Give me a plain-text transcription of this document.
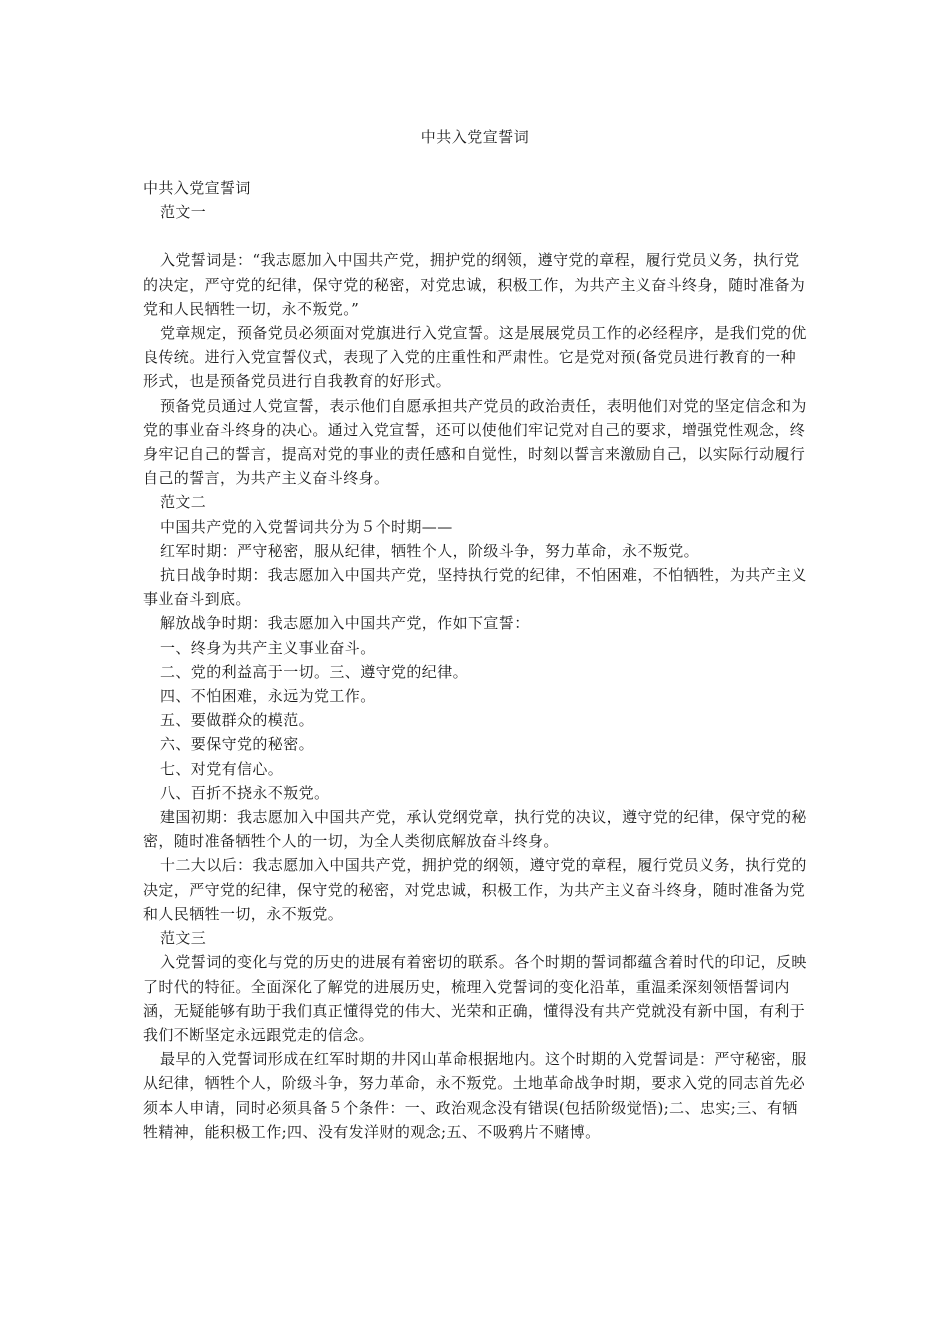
中共入党宣誓词

中共入党宣誓词

范文一

入党誓词是：“我志愿加入中国共产党，拥护党的纲领，遵守党的章程，履行党员义务，执行党的决定，严守党的纪律，保守党的秘密，对党忠诚，积极工作，为共产主义奋斗终身，随时准备为党和人民牺牲一切，永不叛党。”

党章规定，预备党员必须面对党旗进行入党宣誓。这是展展党员工作的必经程序，是我们党的优良传统。进行入党宣誓仪式，表现了入党的庄重性和严肃性。它是党对预(备党员进行教育的一种形式，也是预备党员进行自我教育的好形式。

预备党员通过人党宣誓，表示他们自愿承担共产党员的政治责任，表明他们对党的坚定信念和为党的事业奋斗终身的决心。通过入党宣誓，还可以使他们牢记党对自己的要求，增强党性观念，终身牢记自己的誓言，提高对党的事业的责任感和自觉性，时刻以誓言来激励自己，以实际行动履行自己的誓言，为共产主义奋斗终身。

范文二

中国共产党的入党誓词共分为５个时期——

红军时期：严守秘密，服从纪律，牺牲个人，阶级斗争，努力革命，永不叛党。

抗日战争时期：我志愿加入中国共产党，坚持执行党的纪律，不怕困难，不怕牺牲，为共产主义事业奋斗到底。

解放战争时期：我志愿加入中国共产党，作如下宣誓：

一、终身为共产主义事业奋斗。

二、党的利益高于一切。三、遵守党的纪律。

四、不怕困难，永远为党工作。

五、要做群众的模范。

六、要保守党的秘密。

七、对党有信心。

八、百折不挠永不叛党。

建国初期：我志愿加入中国共产党，承认党纲党章，执行党的决议，遵守党的纪律，保守党的秘密，随时准备牺牲个人的一切，为全人类彻底解放奋斗终身。

十二大以后：我志愿加入中国共产党，拥护党的纲领，遵守党的章程，履行党员义务，执行党的决定，严守党的纪律，保守党的秘密，对党忠诚，积极工作，为共产主义奋斗终身，随时准备为党和人民牺牲一切，永不叛党。

范文三

入党誓词的变化与党的历史的进展有着密切的联系。各个时期的誓词都蕴含着时代的印记，反映了时代的特征。全面深化了解党的进展历史，梳理入党誓词的变化沿革，重温柔深刻领悟誓词内涵，无疑能够有助于我们真正懂得党的伟大、光荣和正确，懂得没有共产党就没有新中国，有利于我们不断坚定永远跟党走的信念。

最早的入党誓词形成在红军时期的井冈山革命根据地内。这个时期的入党誓词是：严守秘密，服从纪律，牺牲个人，阶级斗争，努力革命，永不叛党。土地革命战争时期，要求入党的同志首先必须本人申请，同时必须具备５个条件：一、政治观念没有错误(包括阶级觉悟);二、忠实;三、有牺牲精神，能积极工作;四、没有发洋财的观念;五、不吸鸦片不赌博。
